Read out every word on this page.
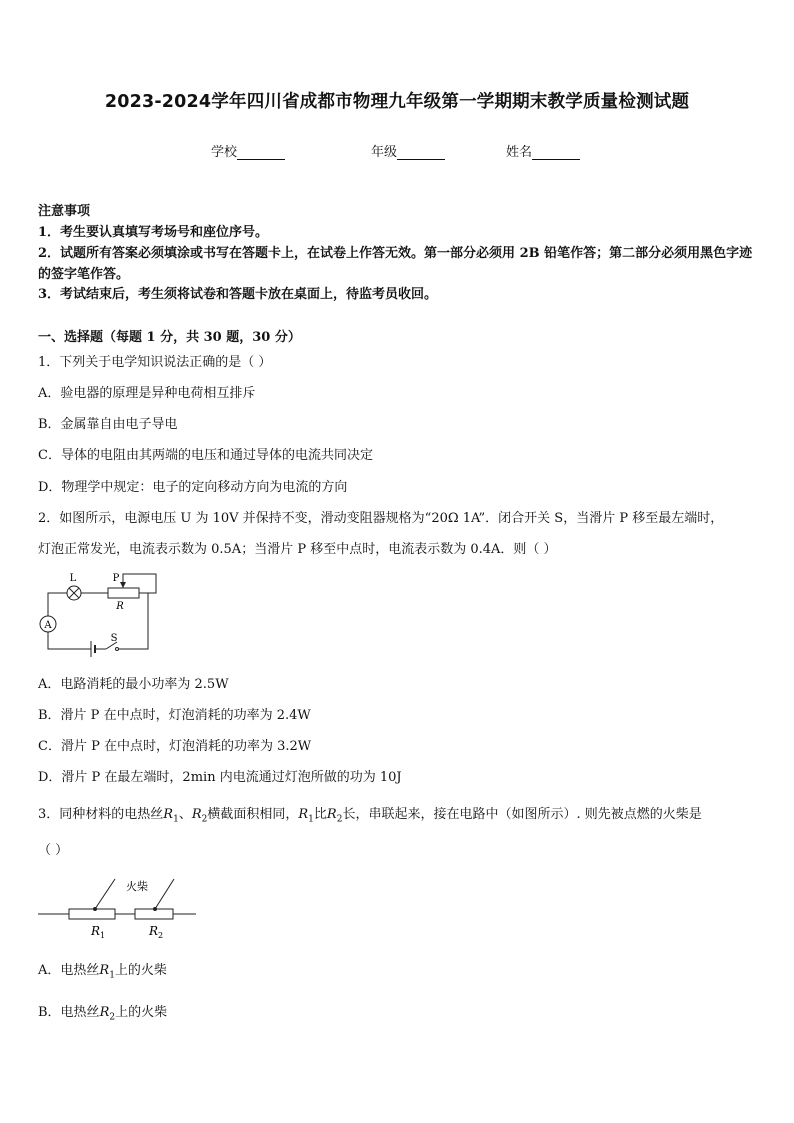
2023-2024学年四川省成都市物理九年级第一学期期末教学质量检测试题
学校	年级	姓名
注意事项
1．考生要认真填写考场号和座位序号。
2．试题所有答案必须填涂或书写在答题卡上，在试卷上作答无效。第一部分必须用 2B 铅笔作答；第二部分必须用黑色字迹的签字笔作答。
3．考试结束后，考生须将试卷和答题卡放在桌面上，待监考员收回。
一、选择题（每题 1 分，共 30 题，30 分）
1．下列关于电学知识说法正确的是（ ）
A．验电器的原理是异种电荷相互排斥
B．金属靠自由电子导电
C．导体的电阻由其两端的电压和通过导体的电流共同决定
D．物理学中规定：电子的定向移动方向为电流的方向
2．如图所示，电源电压 U 为 10V 并保持不变，滑动变阻器规格为“20Ω 1A”．闭合开关 S，当滑片 P 移至最左端时，
灯泡正常发光，电流表示数为 0.5A；当滑片 P 移至中点时，电流表示数为 0.4A．则（ ）
A
L	P
R
S
A．电路消耗的最小功率为 2.5W
B．滑片 P 在中点时，灯泡消耗的功率为 2.4W
C．滑片 P 在中点时，灯泡消耗的功率为 3.2W
D．滑片 P 在最左端时，2min 内电流通过灯泡所做的功为 10J
3．同种材料的电热丝$R_1$、$R_2$横截面积相同，$R_1$比$R_2$长，串联起来，接在电路中（如图所示）. 则先被点燃的火柴是
（ ）
火柴
$R_1$	$R_2$
A．电热丝$R_1$上的火柴
B．电热丝$R_2$上的火柴
